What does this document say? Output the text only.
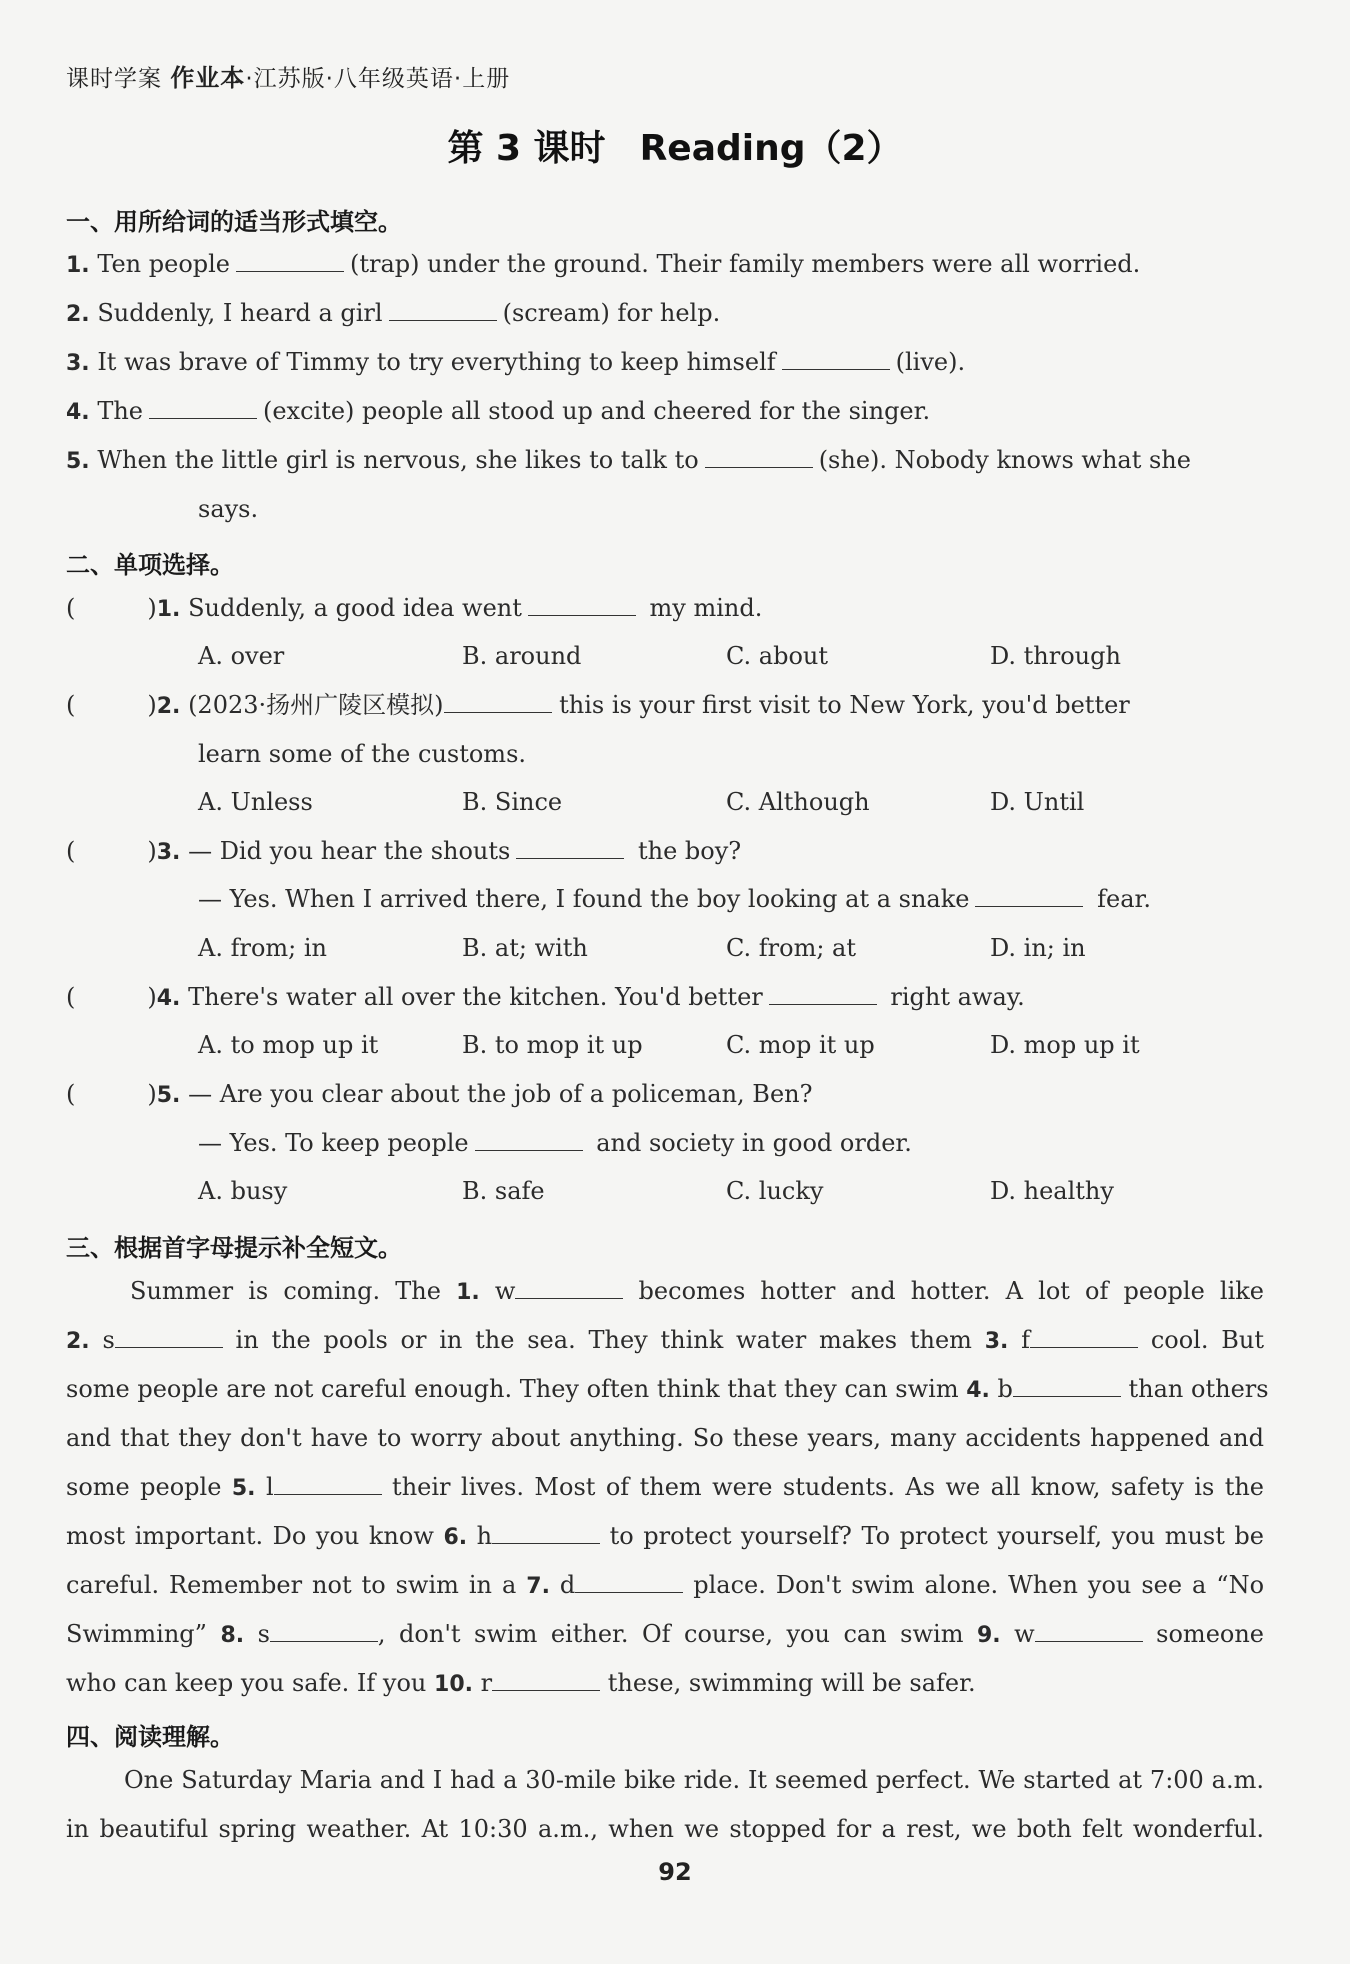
课时学案 作业本·江苏版·八年级英语·上册
第 3 课时 Reading（2）
一、用所给词的适当形式填空。
1. Ten people	(trap) under the ground. Their family members were all worried.
2. Suddenly, I heard a girl	(scream) for help.
3. It was brave of Timmy to try everything to keep himself	(live).
4. The	(excite) people all stood up and cheered for the singer.
5. When the little girl is nervous, she likes to talk to	(she). Nobody knows what she
says.
二、单项选择。
(	)1. Suddenly, a good idea went	my mind.
A. over	B. around	C. about	D. through
(	)2. (2023·扬州广陵区模拟)	this is your first visit to New York, you'd better
learn some of the customs.
A. Unless	B. Since	C. Although	D. Until
(	)3. — Did you hear the shouts	the boy?
— Yes. When I arrived there, I found the boy looking at a snake	fear.
A. from; in	B. at; with	C. from; at	D. in; in
(	)4. There's water all over the kitchen. You'd better	right away.
A. to mop up it	B. to mop it up	C. mop it up	D. mop up it
(	)5. — Are you clear about the job of a policeman, Ben?
— Yes. To keep people	and society in good order.
A. busy	B. safe	C. lucky	D. healthy
三、根据首字母提示补全短文。
Summer is coming. The 1. w	becomes hotter and hotter. A lot of people like
2. s	in the pools or in the sea. They think water makes them 3. f	cool. But
some people are not careful enough. They often think that they can swim 4. b	than others
and that they don't have to worry about anything. So these years, many accidents happened and
some people 5. l	their lives. Most of them were students. As we all know, safety is the
most important. Do you know 6. h	to protect yourself? To protect yourself, you must be
careful. Remember not to swim in a 7. d	place. Don't swim alone. When you see a “No
Swimming” 8. s	, don't swim either. Of course, you can swim 9. w	someone
who can keep you safe. If you 10. r	these, swimming will be safer.
四、阅读理解。
One Saturday Maria and I had a 30-mile bike ride. It seemed perfect. We started at 7:00 a.m.
in beautiful spring weather. At 10:30 a.m., when we stopped for a rest, we both felt wonderful.
92
